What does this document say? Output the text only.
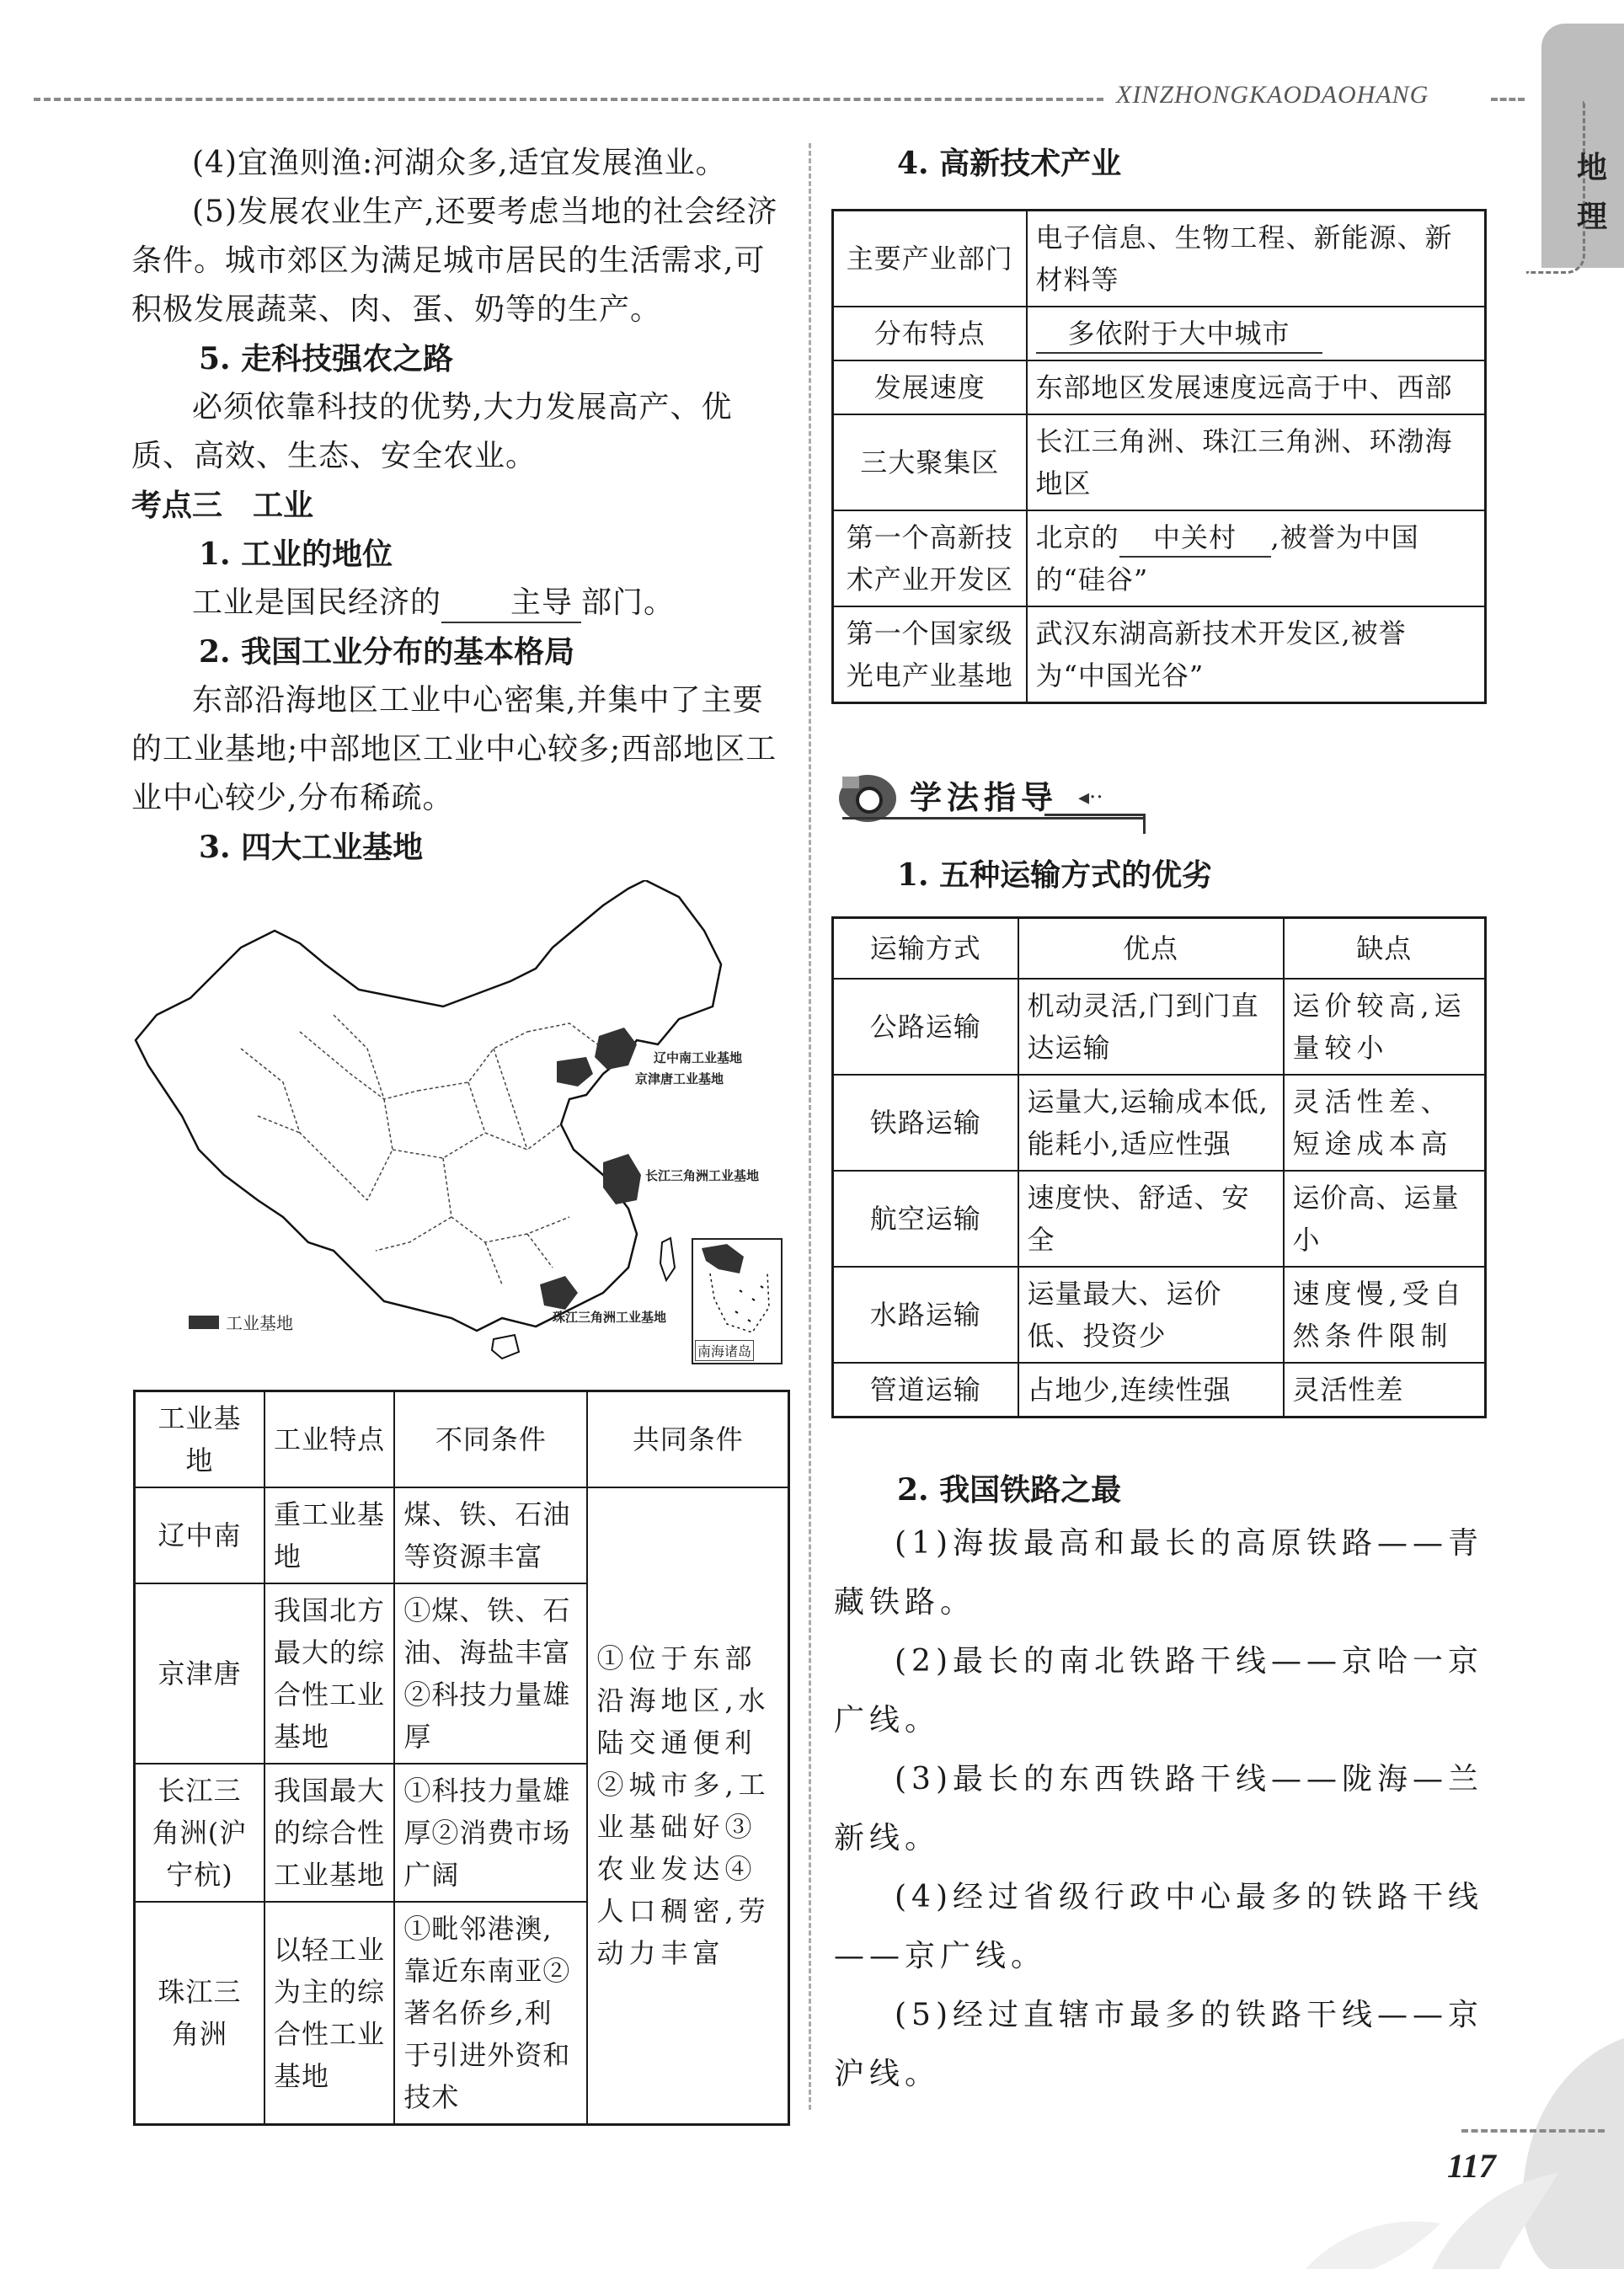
XINZHONGKAODAOHANG
地
理
(4)宜渔则渔:河湖众多,适宜发展渔业。
(5)发展农业生产,还要考虑当地的社会经济条件。城市郊区为满足城市居民的生活需求,可积极发展蔬菜、肉、蛋、奶等的生产。
5. 走科技强农之路
必须依靠科技的优势,大力发展高产、优质、高效、生态、安全农业。
考点三　工业
1. 工业的地位
工业是国民经济的 主导 部门。
2. 我国工业分布的基本格局
东部沿海地区工业中心密集,并集中了主要的工业基地;中部地区工业中心较多;西部地区工业中心较少,分布稀疏。
3. 四大工业基地
辽中南工业基地
京津唐工业基地
长江三角洲工业基地
珠江三角洲工业基地
工业基地
南海诸岛
工业基地	工业特点	不同条件	共同条件
辽中南	重工业基地	煤、铁、石油等资源丰富	①位于东部沿海地区,水陆交通便利②城市多,工业基础好③农业发达④人口稠密,劳动力丰富
京津唐	我国北方最大的综合性工业基地	①煤、铁、石油、海盐丰富②科技力量雄厚	
长江三角洲(沪宁杭)	我国最大的综合性工业基地	①科技力量雄厚②消费市场广阔	
珠江三角洲	以轻工业为主的综合性工业基地	①毗邻港澳,靠近东南亚②著名侨乡,利于引进外资和技术	
4. 高新技术产业
主要产业部门	电子信息、生物工程、新能源、新材料等
分布特点	多依附于大中城市
发展速度	东部地区发展速度远高于中、西部
三大聚集区	长江三角洲、珠江三角洲、环渤海地区
第一个高新技术产业开发区	北京的 中关村 ,被誉为中国的“硅谷”
第一个国家级光电产业基地	武汉东湖高新技术开发区,被誉为“中国光谷”
学法指导 ◂··
1. 五种运输方式的优劣
运输方式	优点	缺点
公路运输	机动灵活,门到门直达运输	运价较高,运量较小
铁路运输	运量大,运输成本低,能耗小,适应性强	灵活性差、短途成本高
航空运输	速度快、舒适、安全	运价高、运量小
水路运输	运量最大、运价低、投资少	速度慢,受自然条件限制
管道运输	占地少,连续性强	灵活性差
2. 我国铁路之最
(1)海拔最高和最长的高原铁路——青藏铁路。
(2)最长的南北铁路干线——京哈一京广线。
(3)最长的东西铁路干线——陇海—兰新线。
(4)经过省级行政中心最多的铁路干线——京广线。
(5)经过直辖市最多的铁路干线——京沪线。
117
